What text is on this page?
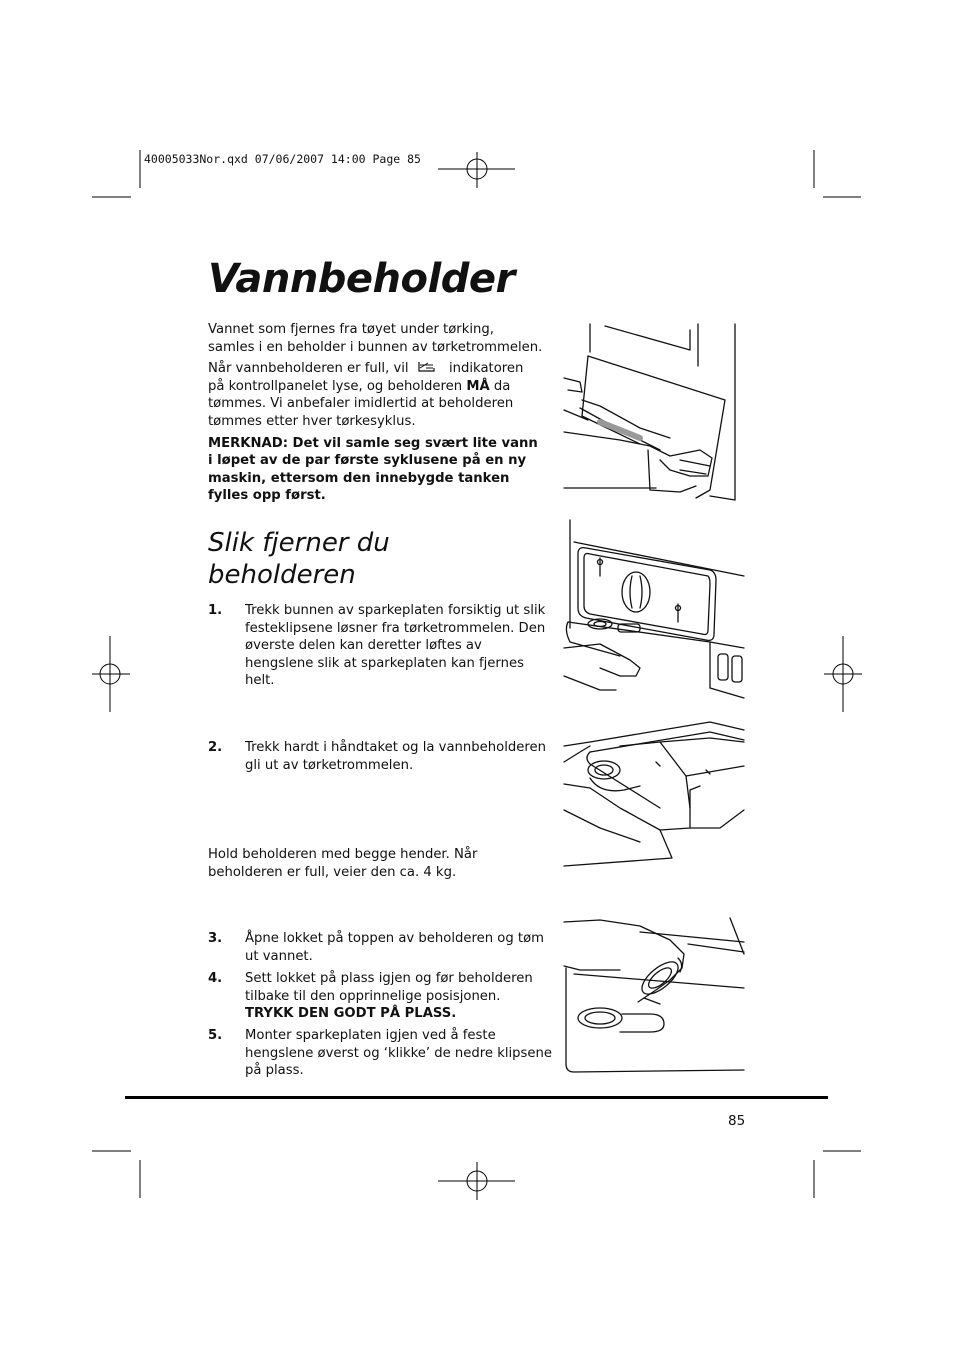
40005033Nor.qxd 07/06/2007 14:00 Page 85
Vannbeholder

Vannet som fjernes fra tøyet under tørking, samles i en beholder i bunnen av tørketrommelen.

Når vannbeholderen er full, vil	indikatoren på kontrollpanelet lyse, og beholderen MÅ da tømmes. Vi anbefaler imidlertid at beholderen tømmes etter hver tørkesyklus.

MERKNAD: Det vil samle seg svært lite vann i løpet av de par første syklusene på en ny maskin, ettersom den innebygde tanken fylles opp først.

Slik fjerner du beholderen
1. Trekk bunnen av sparkeplaten forsiktig ut slik festeklipsene løsner fra tørketrommelen. Den øverste delen kan deretter løftes av hengslene slik at sparkeplaten kan fjernes helt.
2. Trekk hardt i håndtaket og la vannbeholderen gli ut av tørketrommelen.
Hold beholderen med begge hender. Når beholderen er full, veier den ca. 4 kg.
3. Åpne lokket på toppen av beholderen og tøm ut vannet.
4. Sett lokket på plass igjen og før beholderen tilbake til den opprinnelige posisjonen.
TRYKK DEN GODT PÅ PLASS.
5. Monter sparkeplaten igjen ved å feste hengslene øverst og ‘klikke’ de nedre klipsene på plass.
85
